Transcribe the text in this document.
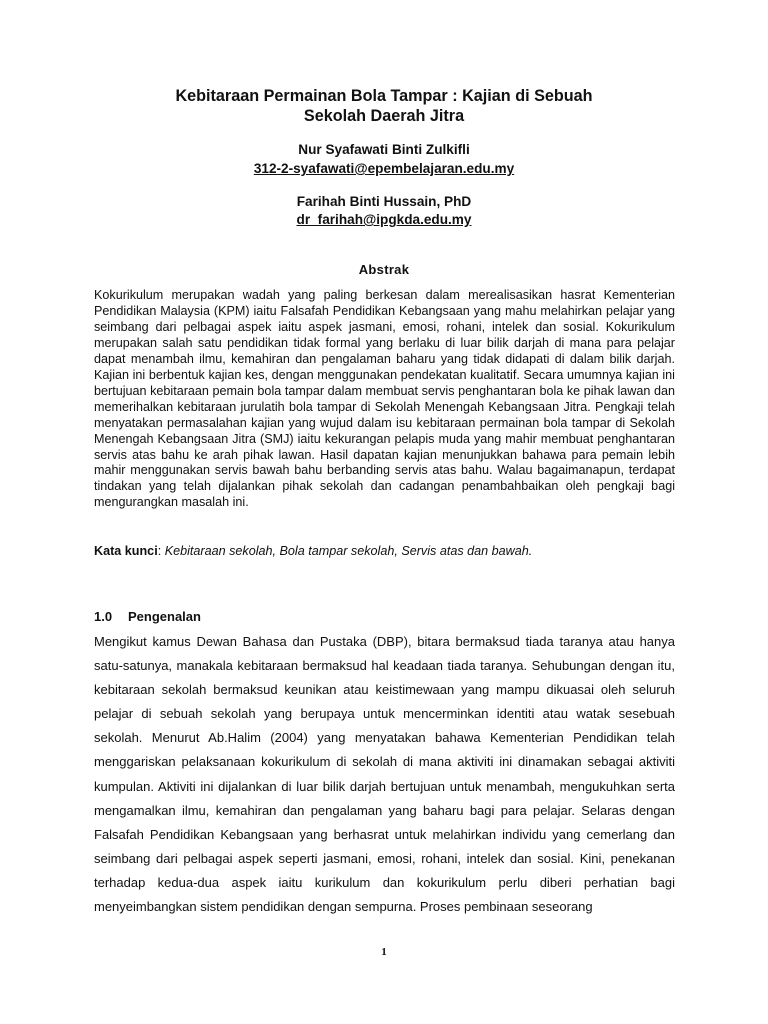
Kebitaraan Permainan Bola Tampar : Kajian di Sebuah
Sekolah Daerah Jitra
Nur Syafawati Binti Zulkifli
312-2-syafawati@epembelajaran.edu.my
Farihah Binti Hussain, PhD
dr_farihah@ipgkda.edu.my
Abstrak

Kokurikulum merupakan wadah yang paling berkesan dalam merealisasikan hasrat Kementerian Pendidikan Malaysia (KPM) iaitu Falsafah Pendidikan Kebangsaan yang mahu melahirkan pelajar yang seimbang dari pelbagai aspek iaitu aspek jasmani, emosi, rohani, intelek dan sosial. Kokurikulum merupakan salah satu pendidikan tidak formal yang berlaku di luar bilik darjah di mana para pelajar dapat menambah ilmu, kemahiran dan pengalaman baharu yang tidak didapati di dalam bilik darjah. Kajian ini berbentuk kajian kes, dengan menggunakan pendekatan kualitatif. Secara umumnya kajian ini bertujuan kebitaraan pemain bola tampar dalam membuat servis penghantaran bola ke pihak lawan dan memerihalkan kebitaraan jurulatih bola tampar di Sekolah Menengah Kebangsaan Jitra. Pengkaji telah menyatakan permasalahan kajian yang wujud dalam isu kebitaraan permainan bola tampar di Sekolah Menengah Kebangsaan Jitra (SMJ) iaitu kekurangan pelapis muda yang mahir membuat penghantaran servis atas bahu ke arah pihak lawan. Hasil dapatan kajian menunjukkan bahawa para pemain lebih mahir menggunakan servis bawah bahu berbanding servis atas bahu. Walau bagaimanapun, terdapat tindakan yang telah dijalankan pihak sekolah dan cadangan penambahbaikan oleh pengkaji bagi mengurangkan masalah ini.

Kata kunci: Kebitaraan sekolah, Bola tampar sekolah, Servis atas dan bawah.
1.0 Pengenalan

Mengikut kamus Dewan Bahasa dan Pustaka (DBP), bitara bermaksud tiada taranya atau hanya satu-satunya, manakala kebitaraan bermaksud hal keadaan tiada taranya. Sehubungan dengan itu, kebitaraan sekolah bermaksud keunikan atau keistimewaan yang mampu dikuasai oleh seluruh pelajar di sebuah sekolah yang berupaya untuk mencerminkan identiti atau watak sesebuah sekolah. Menurut Ab.Halim (2004) yang menyatakan bahawa Kementerian Pendidikan telah menggariskan pelaksanaan kokurikulum di sekolah di mana aktiviti ini dinamakan sebagai aktiviti kumpulan. Aktiviti ini dijalankan di luar bilik darjah bertujuan untuk menambah, mengukuhkan serta mengamalkan ilmu, kemahiran dan pengalaman yang baharu bagi para pelajar. Selaras dengan Falsafah Pendidikan Kebangsaan yang berhasrat untuk melahirkan individu yang cemerlang dan seimbang dari pelbagai aspek seperti jasmani, emosi, rohani, intelek dan sosial. Kini, penekanan terhadap kedua-dua aspek iaitu kurikulum dan kokurikulum perlu diberi perhatian bagi menyeimbangkan sistem pendidikan dengan sempurna. Proses pembinaan seseorang

1
